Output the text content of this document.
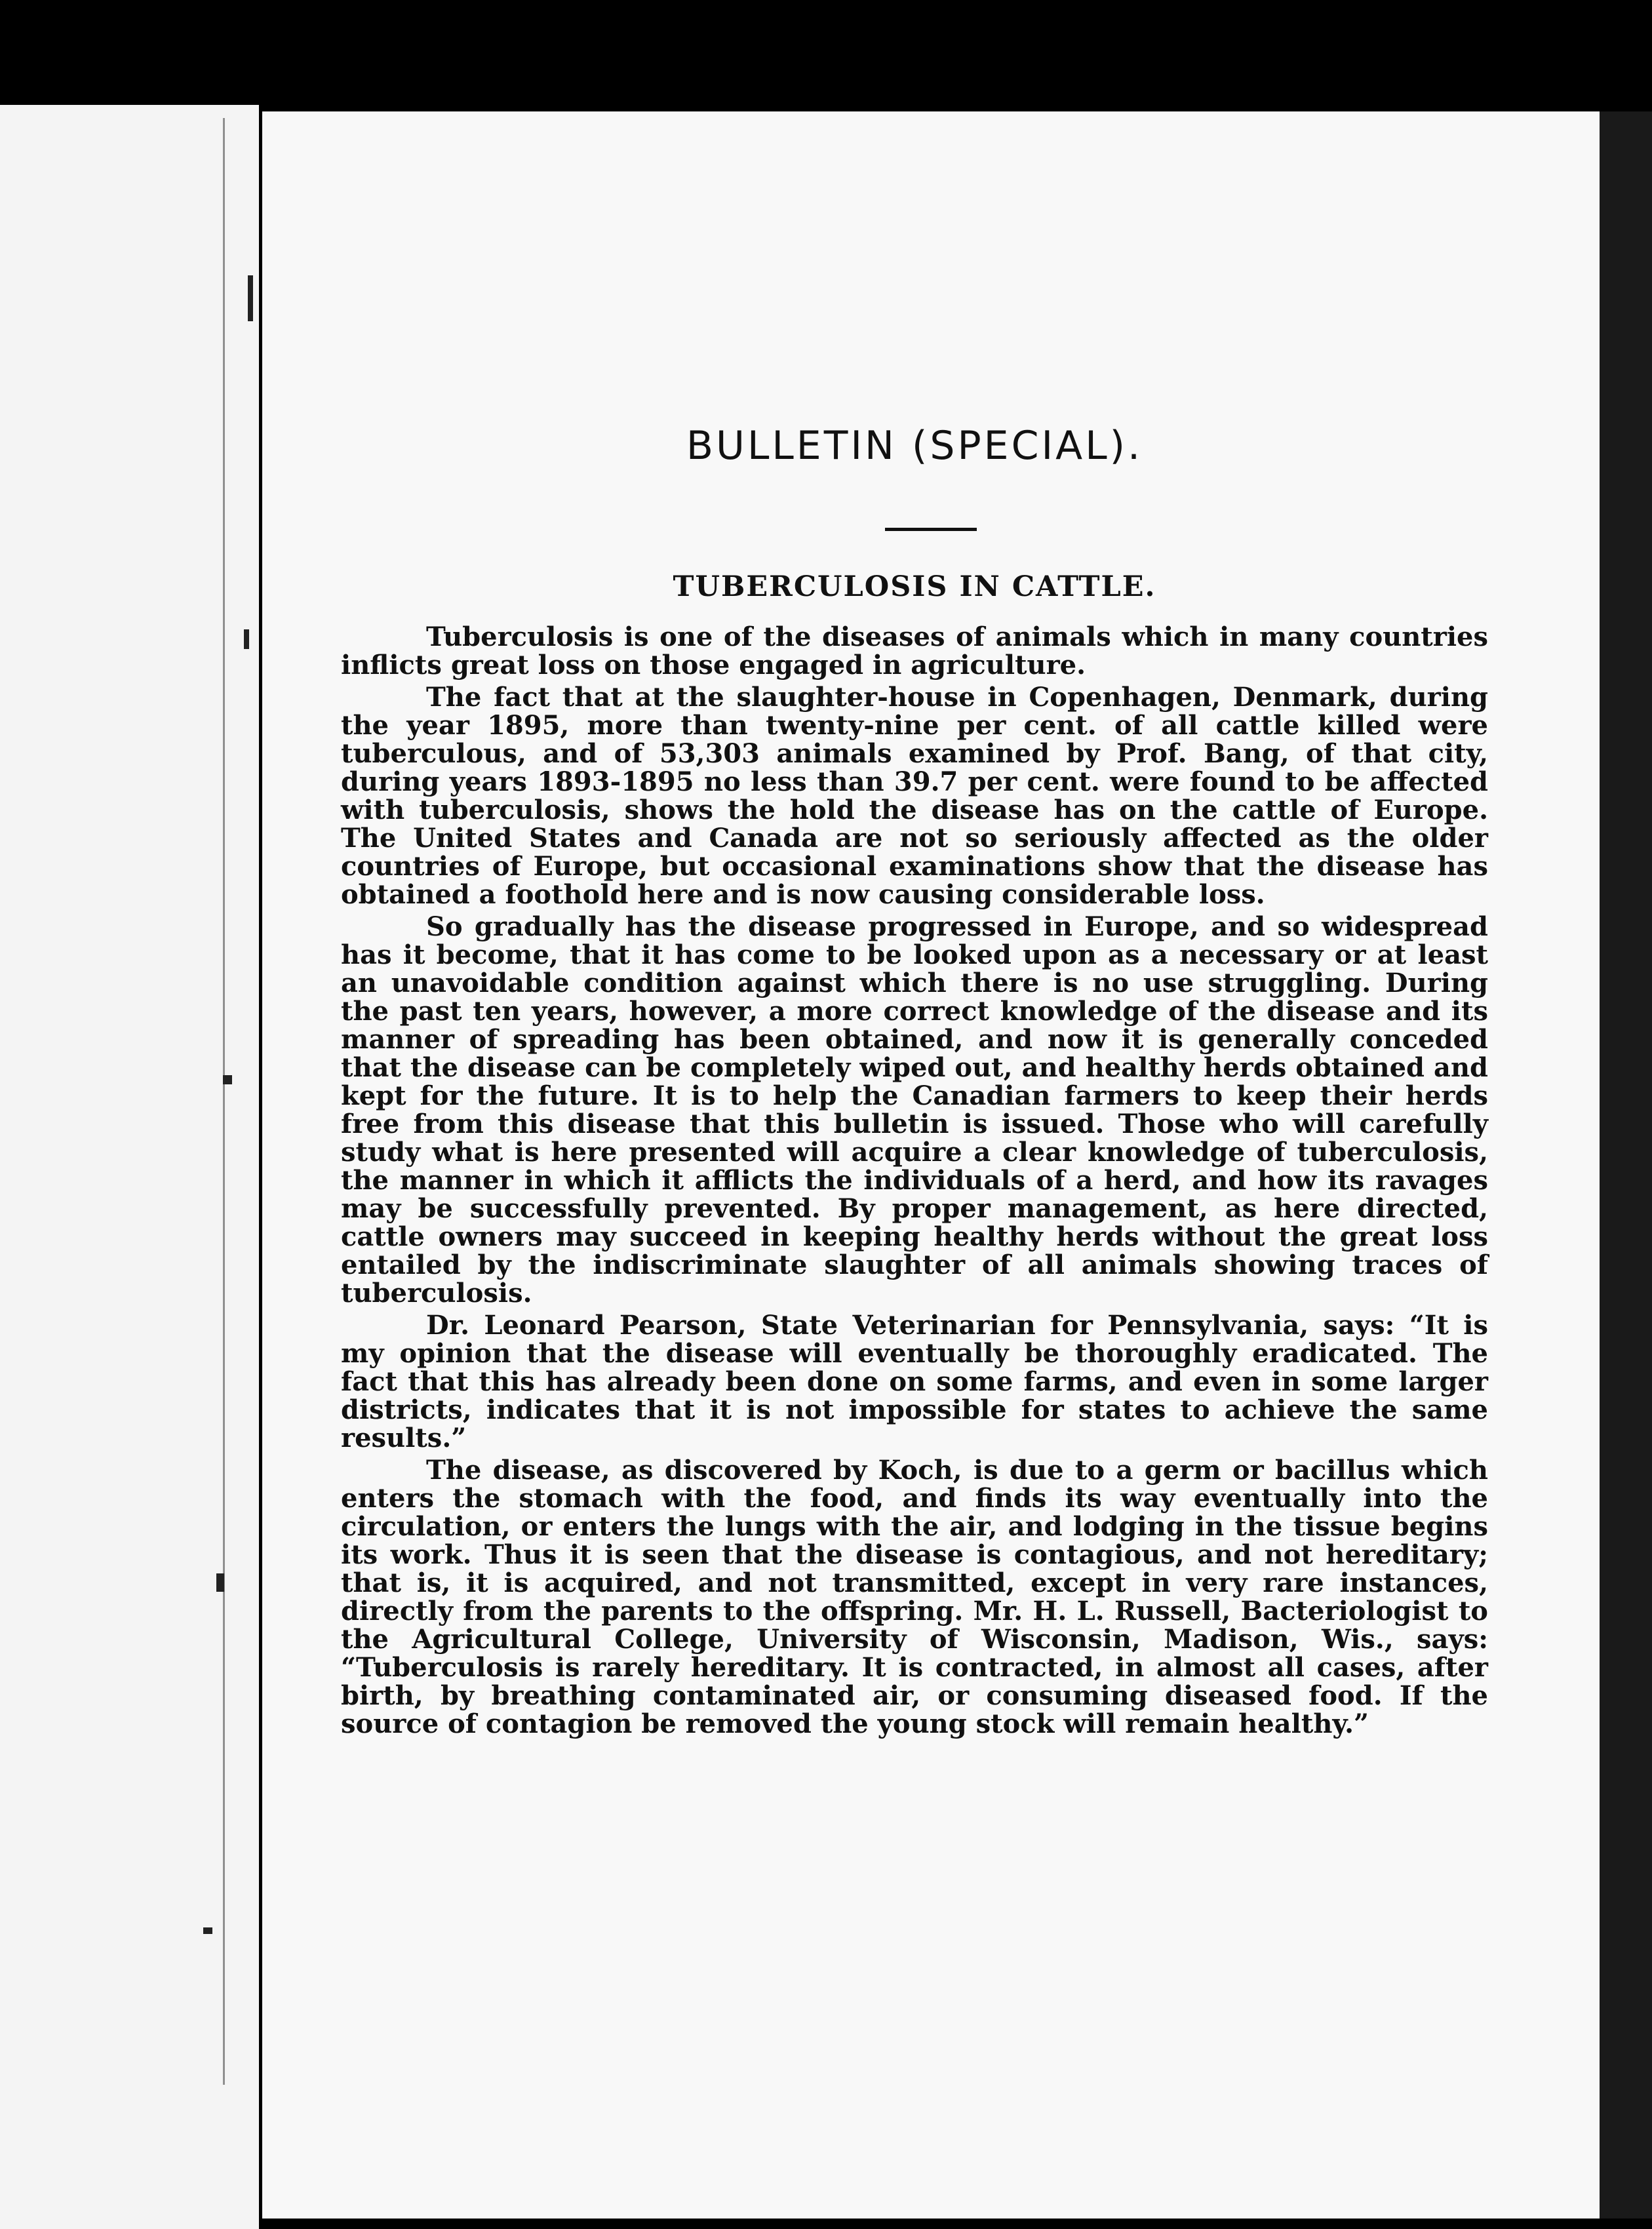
BULLETIN (SPECIAL).
TUBERCULOSIS IN CATTLE.

Tuberculosis is one of the diseases of animals which in many countries inflicts great loss on those engaged in agriculture.

The fact that at the slaughter-house in Copenhagen, Denmark, during the year 1895, more than twenty-nine per cent. of all cattle killed were tuberculous, and of 53,303 animals examined by Prof. Bang, of that city, during years 1893-1895 no less than 39.7 per cent. were found to be affected with tuberculosis, shows the hold the disease has on the cattle of Europe. The United States and Canada are not so seriously affected as the older countries of Europe, but occasional examinations show that the disease has obtained a foothold here and is now causing considerable loss.

So gradually has the disease progressed in Europe, and so widespread has it become, that it has come to be looked upon as a necessary or at least an unavoidable condition against which there is no use struggling. During the past ten years, however, a more correct knowledge of the disease and its manner of spreading has been obtained, and now it is generally conceded that the disease can be completely wiped out, and healthy herds obtained and kept for the future. It is to help the Canadian farmers to keep their herds free from this disease that this bulletin is issued. Those who will carefully study what is here presented will acquire a clear knowledge of tuberculosis, the manner in which it afflicts the individuals of a herd, and how its ravages may be successfully prevented. By proper management, as here directed, cattle owners may succeed in keeping healthy herds without the great loss entailed by the indiscriminate slaughter of all animals showing traces of tuberculosis.

Dr. Leonard Pearson, State Veterinarian for Pennsylvania, says: “It is my opinion that the disease will eventually be thoroughly eradicated. The fact that this has already been done on some farms, and even in some larger districts, indicates that it is not impossible for states to achieve the same results.”

The disease, as discovered by Koch, is due to a germ or bacillus which enters the stomach with the food, and finds its way eventually into the circulation, or enters the lungs with the air, and lodging in the tissue begins its work. Thus it is seen that the disease is contagious, and not hereditary; that is, it is acquired, and not transmitted, except in very rare instances, directly from the parents to the offspring. Mr. H. L. Russell, Bacteriologist to the Agricultural College, University of Wisconsin, Madison, Wis., says: “Tuberculosis is rarely hereditary. It is contracted, in almost all cases, after birth, by breathing contaminated air, or consuming diseased food. If the source of contagion be removed the young stock will remain healthy.”
